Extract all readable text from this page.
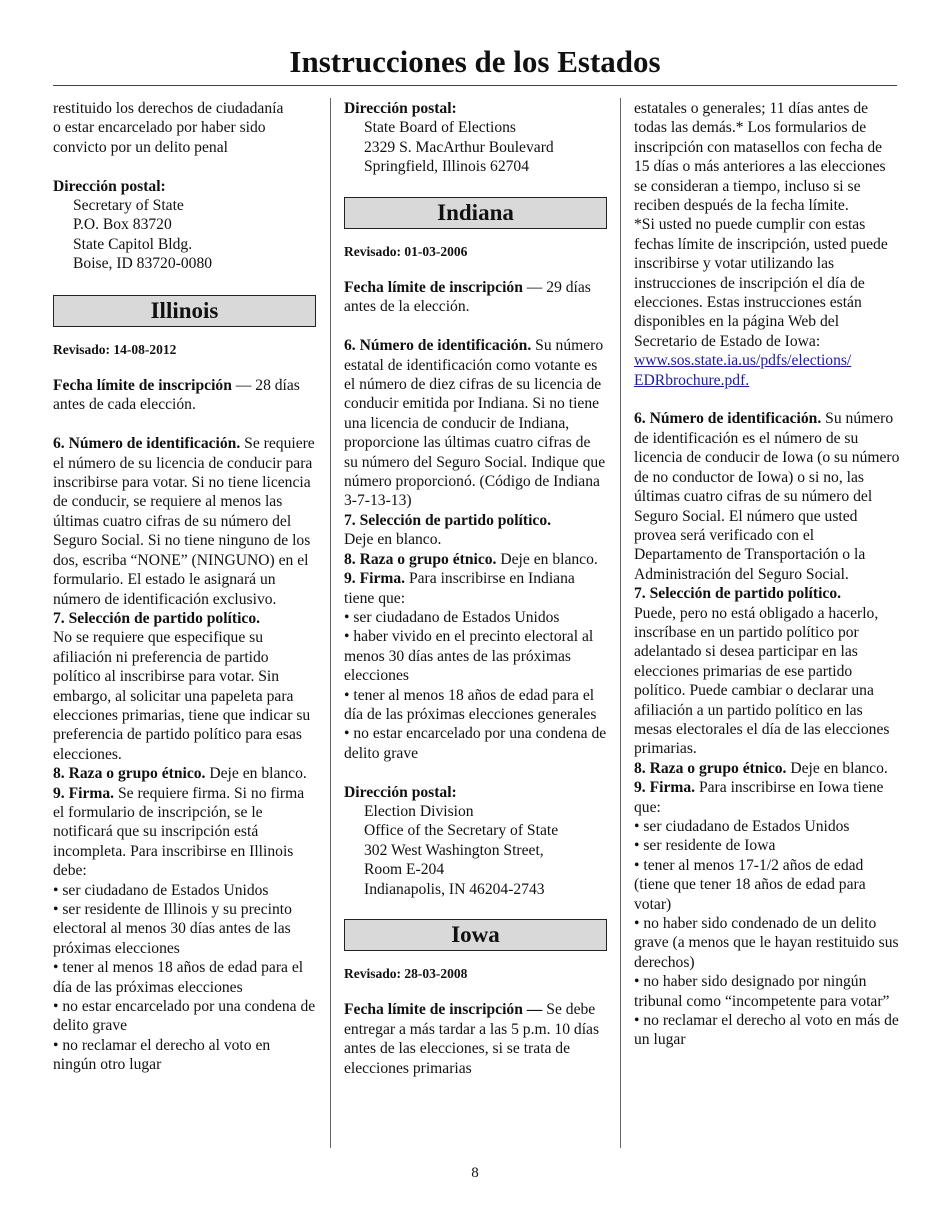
Instrucciones de los Estados

restituido los derechos de ciudadanía

o estar encarcelado por haber sido

convicto por un delito penal

Dirección postal:

Secretary of State

P.O. Box 83720

State Capitol Bldg.

Boise, ID 83720-0080

Illinois

Revisado: 14-08-2012

Fecha límite de inscripción — 28 días antes de cada elección.

6. Número de identificación. Se requiere el número de su licencia de conducir para inscribirse para votar. Si no tiene licencia de conducir, se requiere al menos las últimas cuatro cifras de su número del Seguro Social. Si no tiene ninguno de los dos, escriba “NONE” (NINGUNO) en el formulario. El estado le asignará un número de identificación exclusivo.

7. Selección de partido político.
No se requiere que especifique su afiliación ni preferencia de partido político al inscribirse para votar. Sin embargo, al solicitar una papeleta para elecciones primarias, tiene que indicar su preferencia de partido político para esas elecciones.

8. Raza o grupo étnico. Deje en blanco.

9. Firma. Se requiere firma. Si no firma el formulario de inscripción, se le notificará que su inscripción está incompleta. Para inscribirse en Illinois debe:

• ser ciudadano de Estados Unidos

• ser residente de Illinois y su precinto electoral al menos 30 días antes de las próximas elecciones

• tener al menos 18 años de edad para el día de las próximas elecciones

• no estar encarcelado por una condena de delito grave

• no reclamar el derecho al voto en ningún otro lugar

Dirección postal:

State Board of Elections

2329 S. MacArthur Boulevard

Springfield, Illinois 62704

Indiana

Revisado: 01-03-2006

Fecha límite de inscripción — 29 días antes de la elección.

6. Número de identificación. Su número estatal de identificación como votante es el número de diez cifras de su licencia de conducir emitida por Indiana. Si no tiene una licencia de conducir de Indiana, proporcione las últimas cuatro cifras de su número del Seguro Social. Indique que número proporcionó. (Código de Indiana 3-7-13-13)

7. Selección de partido político.
Deje en blanco.

8. Raza o grupo étnico. Deje en blanco.

9. Firma. Para inscribirse en Indiana tiene que:

• ser ciudadano de Estados Unidos

• haber vivido en el precinto electoral al menos 30 días antes de las próximas elecciones

• tener al menos 18 años de edad para el día de las próximas elecciones generales

• no estar encarcelado por una condena de delito grave

Dirección postal:

Election Division

Office of the Secretary of State

302 West Washington Street,

Room E-204

Indianapolis, IN 46204-2743

Iowa

Revisado: 28-03-2008

Fecha límite de inscripción — Se debe entregar a más tardar a las 5 p.m. 10 días antes de las elecciones, si se trata de elecciones primarias

estatales o generales; 11 días antes de todas las demás.* Los formularios de inscripción con matasellos con fecha de 15 días o más anteriores a las elecciones se consideran a tiempo, incluso si se reciben después de la fecha límite.

*Si usted no puede cumplir con estas fechas límite de inscripción, usted puede inscribirse y votar utilizando las instrucciones de inscripción el día de elecciones. Estas instrucciones están disponibles en la página Web del Secretario de Estado de Iowa:

www.sos.state.ia.us/pdfs/elections/
EDRbrochure.pdf.

6. Número de identificación. Su número de identificación es el número de su licencia de conducir de Iowa (o su número de no conductor de Iowa) o si no, las últimas cuatro cifras de su número del Seguro Social. El número que usted provea será verificado con el Departamento de Transportación o la Administración del Seguro Social.

7. Selección de partido político.
Puede, pero no está obligado a hacerlo, inscríbase en un partido político por adelantado si desea participar en las elecciones primarias de ese partido político. Puede cambiar o declarar una afiliación a un partido político en las mesas electorales el día de las elecciones primarias.

8. Raza o grupo étnico. Deje en blanco.

9. Firma. Para inscribirse en Iowa tiene que:

• ser ciudadano de Estados Unidos

• ser residente de Iowa

• tener al menos 17-1/2 años de edad (tiene que tener 18 años de edad para votar)

• no haber sido condenado de un delito grave (a menos que le hayan restituido sus derechos)

• no haber sido designado por ningún tribunal como “incompetente para votar”

• no reclamar el derecho al voto en más de un lugar

8
